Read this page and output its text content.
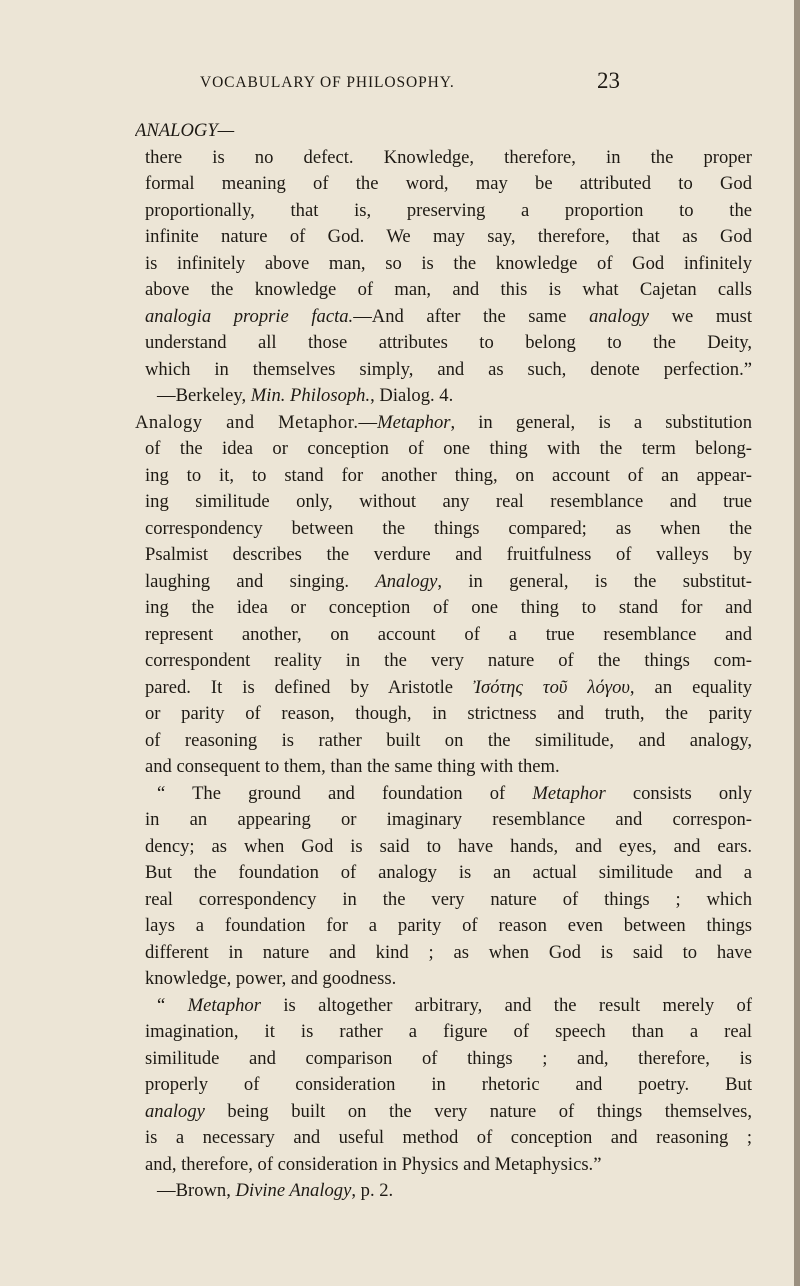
VOCABULARY OF PHILOSOPHY.	23
ANALOGY—
there is no defect. Knowledge, therefore, in the proper
formal meaning of the word, may be attributed to God
proportionally, that is, preserving a proportion to the
infinite nature of God. We may say, therefore, that as God
is infinitely above man, so is the knowledge of God infinitely
above the knowledge of man, and this is what Cajetan calls
analogia proprie facta.—And after the same analogy we must
understand all those attributes to belong to the Deity,
which in themselves simply, and as such, denote perfection.”
—Berkeley, Min. Philosoph., Dialog. 4.
Analogy and Metaphor.—Metaphor, in general, is a substitution
of the idea or conception of one thing with the term belong-
ing to it, to stand for another thing, on account of an appear-
ing similitude only, without any real resemblance and true
correspondency between the things compared; as when the
Psalmist describes the verdure and fruitfulness of valleys by
laughing and singing. Analogy, in general, is the substitut-
ing the idea or conception of one thing to stand for and
represent another, on account of a true resemblance and
correspondent reality in the very nature of the things com-
pared. It is defined by Aristotle Ἰσότης τοῦ λόγου, an equality
or parity of reason, though, in strictness and truth, the parity
of reasoning is rather built on the similitude, and analogy,
and consequent to them, than the same thing with them.
“ The ground and foundation of Metaphor consists only
in an appearing or imaginary resemblance and correspon-
dency; as when God is said to have hands, and eyes, and ears.
But the foundation of analogy is an actual similitude and a
real correspondency in the very nature of things ; which
lays a foundation for a parity of reason even between things
different in nature and kind ; as when God is said to have
knowledge, power, and goodness.
“ Metaphor is altogether arbitrary, and the result merely of
imagination, it is rather a figure of speech than a real
similitude and comparison of things ; and, therefore, is
properly of consideration in rhetoric and poetry. But
analogy being built on the very nature of things themselves,
is a necessary and useful method of conception and reasoning ;
and, therefore, of consideration in Physics and Metaphysics.”
—Brown, Divine Analogy, p. 2.
